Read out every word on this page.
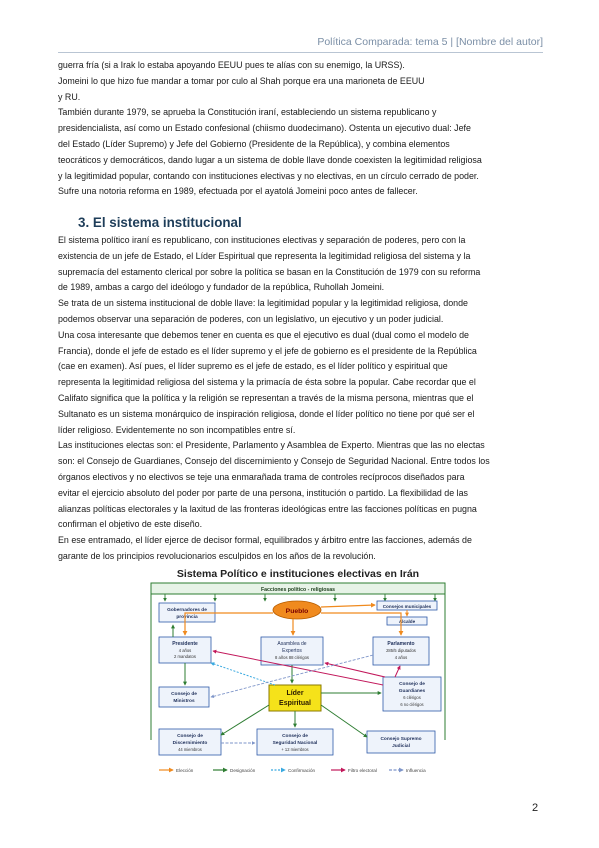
Política Comparada: tema 5 | [Nombre del autor]

guerra fría (si a Irak lo estaba apoyando EEUU pues te alías con su enemigo, la URSS).

Jomeini lo que hizo fue mandar a tomar por culo al Shah porque era una marioneta de EEUU

y RU.

También durante 1979, se aprueba la Constitución iraní, estableciendo un sistema republicano y

presidencialista, así como un Estado confesional (chiismo duodecimano). Ostenta un ejecutivo dual: Jefe

del Estado (Líder Supremo) y Jefe del Gobierno (Presidente de la República), y combina elementos

teocráticos y democráticos, dando lugar a un sistema de doble llave donde coexisten la legitimidad religiosa

y la legitimidad popular, contando con instituciones electivas y no electivas, en un círculo cerrado de poder.

Sufre una notoria reforma en 1989, efectuada por el ayatolá Jomeini poco antes de fallecer.

3. El sistema institucional

El sistema político iraní es republicano, con instituciones electivas y separación de poderes, pero con la

existencia de un jefe de Estado, el Líder Espiritual que representa la legitimidad religiosa del sistema y la

supremacía del estamento clerical por sobre la política se basan en la Constitución de 1979 con su reforma

de 1989, ambas a cargo del ideólogo y fundador de la república, Ruhollah Jomeini.

Se trata de un sistema institucional de doble llave: la legitimidad popular y la legitimidad religiosa, donde

podemos observar una separación de poderes, con un legislativo, un ejecutivo y un poder judicial.

Una cosa interesante que debemos tener en cuenta es que el ejecutivo es dual (dual como el modelo de

Francia), donde el jefe de estado es el líder supremo y el jefe de gobierno es el presidente de la República

(cae en examen). Así pues, el líder supremo es el jefe de estado, es el líder político y espiritual que

representa la legitimidad religiosa del sistema y la primacía de ésta sobre la popular. Cabe recordar que el

Califato significa que la política y la religión se representan a través de la misma persona, mientras que el

Sultanato es un sistema monárquico de inspiración religiosa, donde el líder político no tiene por qué ser el

líder religioso. Evidentemente no son incompatibles entre sí.

Las instituciones electas son: el Presidente, Parlamento y Asamblea de Experto. Mientras que las no electas

son: el Consejo de Guardianes, Consejo del discernimiento y Consejo de Seguridad Nacional. Entre todos los

órganos electivos y no electivos se teje una enmarañada trama de controles recíprocos diseñados para

evitar el ejercicio absoluto del poder por parte de una persona, institución o partido. La flexibilidad de las

alianzas políticas electorales y la laxitud de las fronteras ideológicas entre las facciones políticas en pugna

confirman el objetivo de este diseño.

En ese entramado, el líder ejerce de decisor formal, equilibrados y árbitro entre las facciones, además de

garante de los principios revolucionarios esculpidos en los años de la revolución.

Sistema Político e instituciones electivas en Irán
Facciones político - religiosas
Gobernadores de
provincia
Pueblo
Consejos municipales
Alcalde
Presidente
4 años
2 mandatos
Asamblea de
Expertos
8 años 88 clérigos
Parlamento
285/5 diputados
4 años
Consejo de
Ministros
Líder
Espiritual
Consejo de
Guardianes
6 clérigos
6 no clérigos
Consejo de
Discernimiento
44 miembros
Consejo de
Seguridad Nacional
+ 12 miembros
Consejo Supremo
Judicial
Elección	Designación	Confirmación	Filtro electoral	Influencia
2
